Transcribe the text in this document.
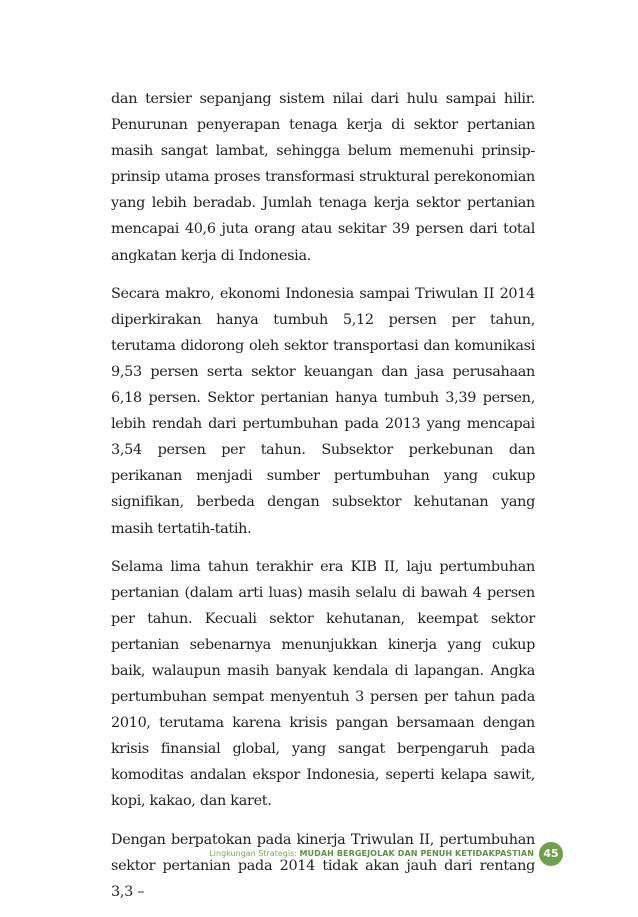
dan tersier sepanjang sistem nilai dari hulu sampai hilir. Penurunan penyerapan tenaga kerja di sektor pertanian masih sangat lambat, sehingga belum memenuhi prinsip-prinsip utama proses transformasi struktural perekonomian yang lebih beradab. Jumlah tenaga kerja sektor pertanian mencapai 40,6 juta orang atau sekitar 39 persen dari total angkatan kerja di Indonesia.

Secara makro, ekonomi Indonesia sampai Triwulan II 2014 diperkirakan hanya tumbuh 5,12 persen per tahun, terutama didorong oleh sektor transportasi dan komunikasi 9,53 persen serta sektor keuangan dan jasa perusahaan 6,18 persen. Sektor pertanian hanya tumbuh 3,39 persen, lebih rendah dari pertumbuhan pada 2013 yang mencapai 3,54 persen per tahun. Subsektor perkebunan dan perikanan menjadi sumber pertumbuhan yang cukup signifikan, berbeda dengan subsektor kehutanan yang masih tertatih-tatih.

Selama lima tahun terakhir era KIB II, laju pertumbuhan pertanian (dalam arti luas) masih selalu di bawah 4 persen per tahun. Kecuali sektor kehutanan, keempat sektor pertanian sebenarnya menunjukkan kinerja yang cukup baik, walaupun masih banyak kendala di lapangan. Angka pertumbuhan sempat menyentuh 3 persen per tahun pada 2010, terutama karena krisis pangan bersamaan dengan krisis finansial global, yang sangat berpengaruh pada komoditas andalan ekspor Indonesia, seperti kelapa sawit, kopi, kakao, dan karet.

Dengan berpatokan pada kinerja Triwulan II, pertumbuhan sektor pertanian pada 2014 tidak akan jauh dari rentang 3,3 –

Lingkungan Strategis: MUDAH BERGEJOLAK DAN PENUH KETIDAKPASTIAN 45
